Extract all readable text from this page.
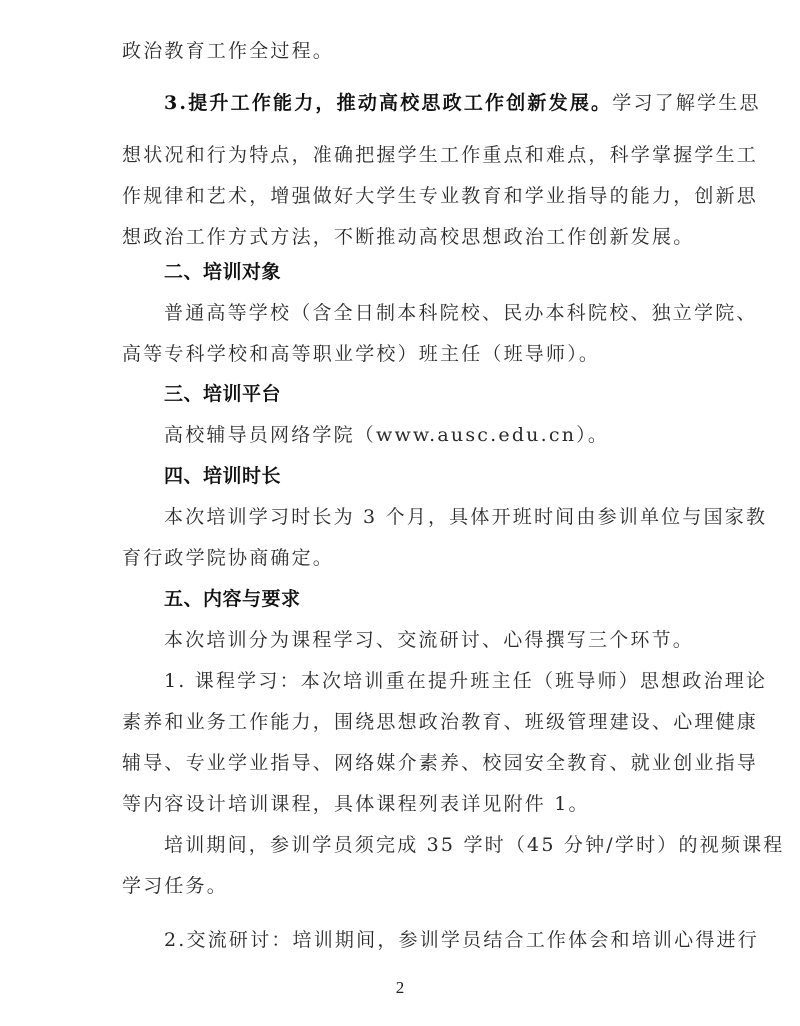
政治教育工作全过程。
3.提升工作能力，推动高校思政工作创新发展。学习了解学生思
想状况和行为特点，准确把握学生工作重点和难点，科学掌握学生工
作规律和艺术，增强做好大学生专业教育和学业指导的能力，创新思
想政治工作方式方法，不断推动高校思想政治工作创新发展。
二、培训对象
普通高等学校（含全日制本科院校、民办本科院校、独立学院、
高等专科学校和高等职业学校）班主任（班导师）。
三、培训平台
高校辅导员网络学院（www.ausc.edu.cn）。
四、培训时长
本次培训学习时长为 3 个月，具体开班时间由参训单位与国家教
育行政学院协商确定。
五、内容与要求
本次培训分为课程学习、交流研讨、心得撰写三个环节。
1. 课程学习：本次培训重在提升班主任（班导师）思想政治理论
素养和业务工作能力，围绕思想政治教育、班级管理建设、心理健康
辅导、专业学业指导、网络媒介素养、校园安全教育、就业创业指导
等内容设计培训课程，具体课程列表详见附件 1。
培训期间，参训学员须完成 35 学时（45 分钟/学时）的视频课程
学习任务。
2.交流研讨：培训期间，参训学员结合工作体会和培训心得进行
2
